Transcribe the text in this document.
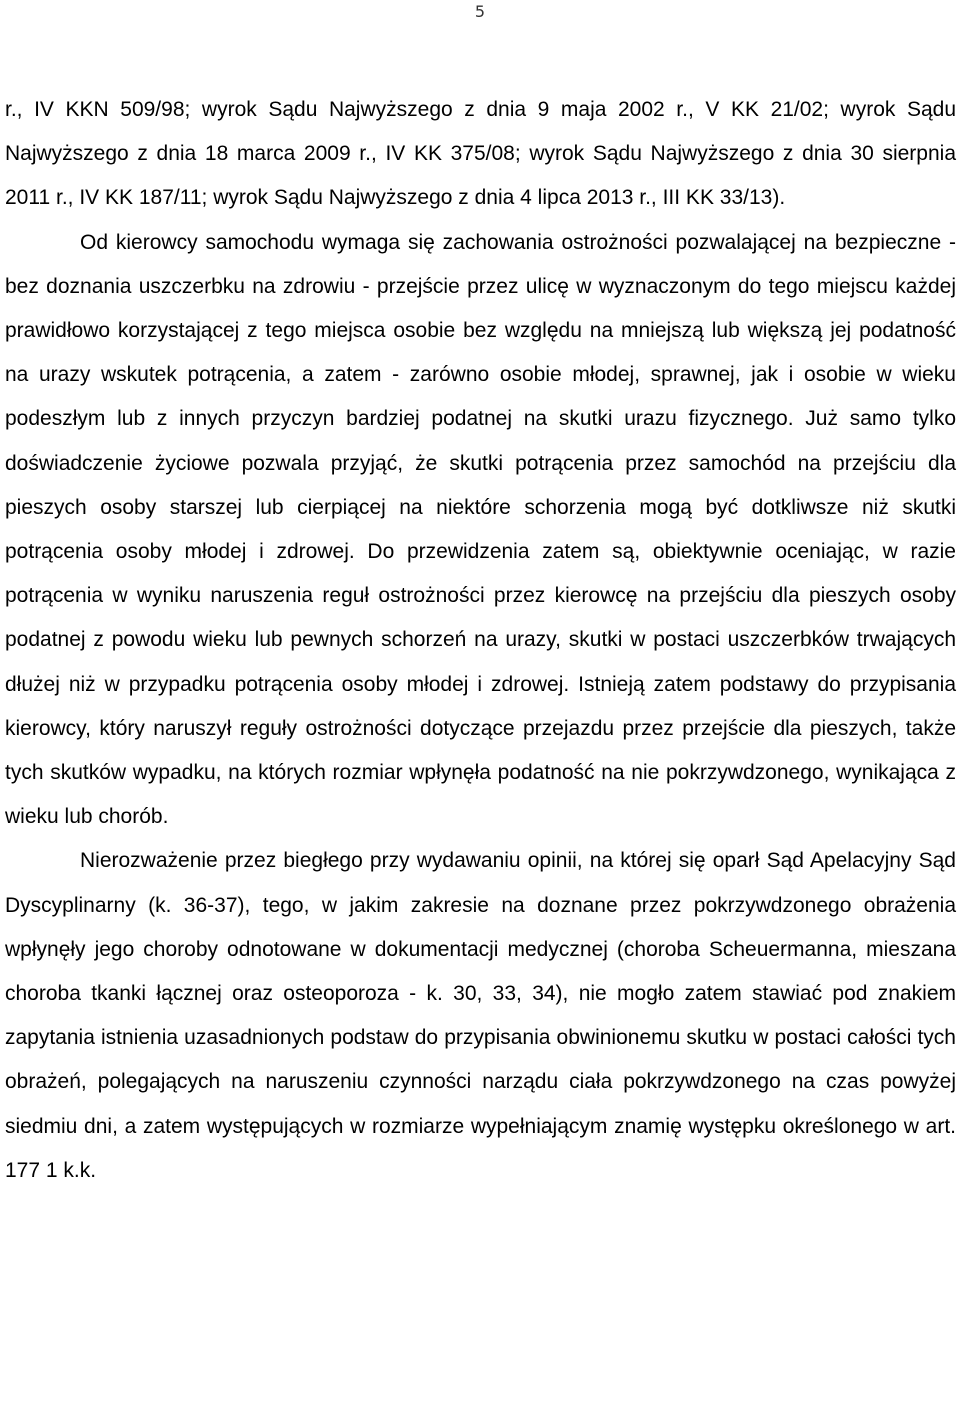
5

r., IV KKN 509/98; wyrok Sądu Najwyższego z dnia 9 maja 2002 r., V KK 21/02; wyrok Sądu Najwyższego z dnia 18 marca 2009 r., IV KK 375/08; wyrok Sądu Najwyższego z dnia 30 sierpnia 2011 r., IV KK 187/11; wyrok Sądu Najwyższego z dnia 4 lipca 2013 r., III KK 33/13).

Od kierowcy samochodu wymaga się zachowania ostrożności pozwalającej na bezpieczne - bez doznania uszczerbku na zdrowiu - przejście przez ulicę w wyznaczonym do tego miejscu każdej prawidłowo korzystającej z tego miejsca osobie bez względu na mniejszą lub większą jej podatność na urazy wskutek potrącenia, a zatem - zarówno osobie młodej, sprawnej, jak i osobie w wieku podeszłym lub z innych przyczyn bardziej podatnej na skutki urazu fizycznego. Już samo tylko doświadczenie życiowe pozwala przyjąć, że skutki potrącenia przez samochód na przejściu dla pieszych osoby starszej lub cierpiącej na niektóre schorzenia mogą być dotkliwsze niż skutki potrącenia osoby młodej i zdrowej. Do przewidzenia zatem są, obiektywnie oceniając, w razie potrącenia w wyniku naruszenia reguł ostrożności przez kierowcę na przejściu dla pieszych osoby podatnej z powodu wieku lub pewnych schorzeń na urazy, skutki w postaci uszczerbków trwających dłużej niż w przypadku potrącenia osoby młodej i zdrowej. Istnieją zatem podstawy do przypisania kierowcy, który naruszył reguły ostrożności dotyczące przejazdu przez przejście dla pieszych, także tych skutków wypadku, na których rozmiar wpłynęła podatność na nie pokrzywdzonego, wynikająca z wieku lub chorób.

Nierozważenie przez biegłego przy wydawaniu opinii, na której się oparł Sąd Apelacyjny Sąd Dyscyplinarny (k. 36-37), tego, w jakim zakresie na doznane przez pokrzywdzonego obrażenia wpłynęły jego choroby odnotowane w dokumentacji medycznej (choroba Scheuermanna, mieszana choroba tkanki łącznej oraz osteoporoza - k. 30, 33, 34), nie mogło zatem stawiać pod znakiem zapytania istnienia uzasadnionych podstaw do przypisania obwinionemu skutku w postaci całości tych obrażeń, polegających na naruszeniu czynności narządu ciała pokrzywdzonego na czas powyżej siedmiu dni, a zatem występujących w rozmiarze wypełniającym znamię występku określonego w art. 177 1 k.k.
